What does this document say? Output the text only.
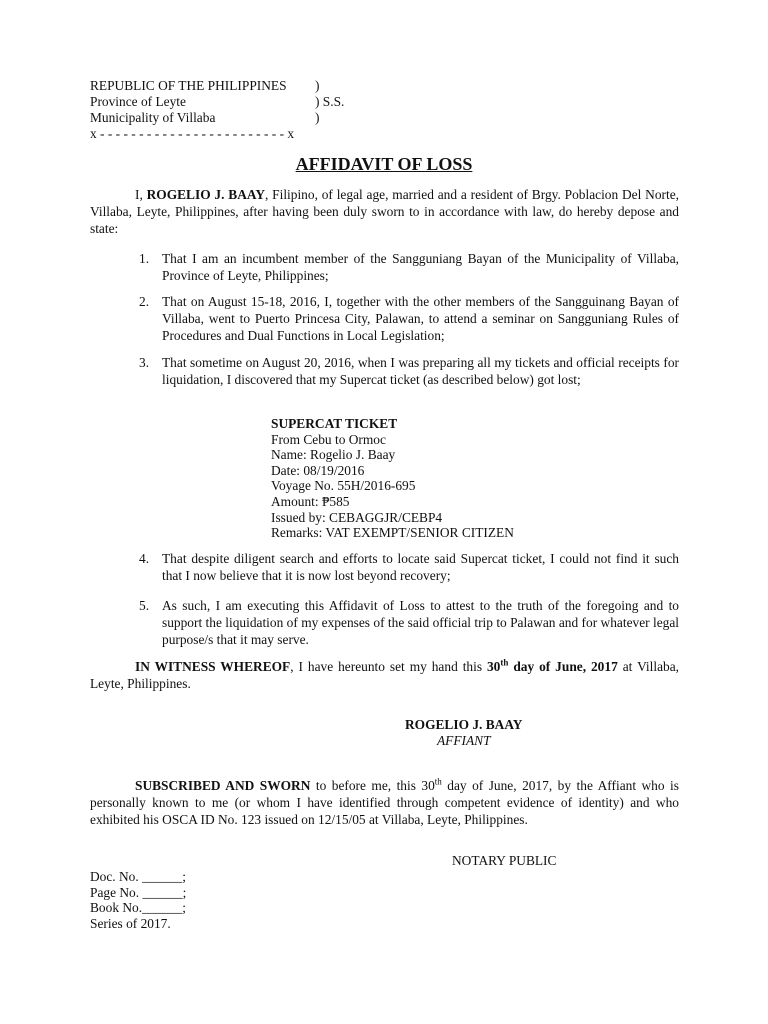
REPUBLIC OF THE PHILIPPINES )
Province of Leyte	) S.S.
Municipality of Villaba	)
x - - - - - - - - - - - - - - - - - - - - - - - - x
AFFIDAVIT OF LOSS

I, ROGELIO J. BAAY, Filipino, of legal age, married and a resident of Brgy. Poblacion Del Norte, Villaba, Leyte, Philippines, after having been duly sworn to in accordance with law, do hereby depose and state:

1. That I am an incumbent member of the Sangguniang Bayan of the Municipality of Villaba, Province of Leyte, Philippines;
2. That on August 15-18, 2016, I, together with the other members of the Sangguinang Bayan of Villaba, went to Puerto Princesa City, Palawan, to attend a seminar on Sangguniang Rules of Procedures and Dual Functions in Local Legislation;
3. That sometime on August 20, 2016, when I was preparing all my tickets and official receipts for liquidation, I discovered that my Supercat ticket (as described below) got lost;
SUPERCAT TICKET
From Cebu to Ormoc
Name: Rogelio J. Baay
Date: 08/19/2016
Voyage No. 55H/2016-695
Amount: ₱585
Issued by: CEBAGGJR/CEBP4
Remarks: VAT EXEMPT/SENIOR CITIZEN
4. That despite diligent search and efforts to locate said Supercat ticket, I could not find it such that I now believe that it is now lost beyond recovery;
5. As such, I am executing this Affidavit of Loss to attest to the truth of the foregoing and to support the liquidation of my expenses of the said official trip to Palawan and for whatever legal purpose/s that it may serve.

IN WITNESS WHEREOF, I have hereunto set my hand this 30th day of June, 2017 at Villaba, Leyte, Philippines.

ROGELIO J. BAAY
AFFIANT

SUBSCRIBED AND SWORN to before me, this 30th day of June, 2017, by the Affiant who is personally known to me (or whom I have identified through competent evidence of identity) and who exhibited his OSCA ID No. 123 issued on 12/15/05 at Villaba, Leyte, Philippines.

NOTARY PUBLIC
Doc. No. ______;
Page No. ______;
Book No.______;
Series of 2017.
